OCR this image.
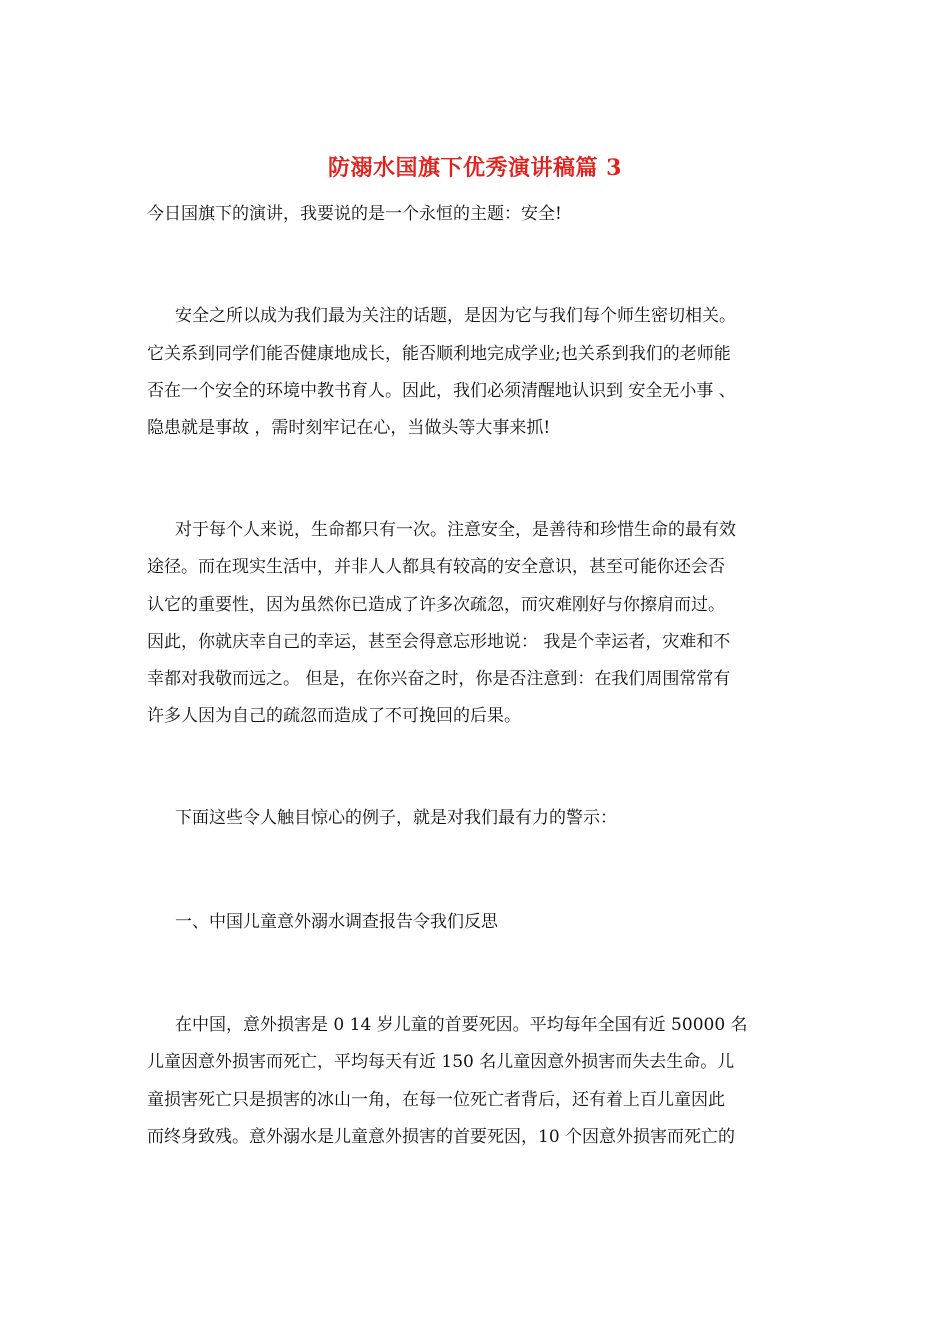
防溺水国旗下优秀演讲稿篇 3

今日国旗下的演讲，我要说的是一个永恒的主题：安全!

安全之所以成为我们最为关注的话题，是因为它与我们每个师生密切相关。

它关系到同学们能否健康地成长，能否顺利地完成学业;也关系到我们的老师能

否在一个安全的环境中教书育人。因此，我们必须清醒地认识到 安全无小事 、

隐患就是事故 ，需时刻牢记在心，当做头等大事来抓!

对于每个人来说，生命都只有一次。注意安全，是善待和珍惜生命的最有效

途径。而在现实生活中，并非人人都具有较高的安全意识，甚至可能你还会否

认它的重要性，因为虽然你已造成了许多次疏忽，而灾难刚好与你擦肩而过。

因此，你就庆幸自己的幸运，甚至会得意忘形地说： 我是个幸运者，灾难和不

幸都对我敬而远之。 但是，在你兴奋之时，你是否注意到：在我们周围常常有

许多人因为自己的疏忽而造成了不可挽回的后果。

下面这些令人触目惊心的例子，就是对我们最有力的警示：

一、中国儿童意外溺水调查报告令我们反思

在中国，意外损害是 0 14 岁儿童的首要死因。平均每年全国有近 50000 名

儿童因意外损害而死亡，平均每天有近 150 名儿童因意外损害而失去生命。儿

童损害死亡只是损害的冰山一角，在每一位死亡者背后，还有着上百儿童因此

而终身致残。意外溺水是儿童意外损害的首要死因，10 个因意外损害而死亡的
